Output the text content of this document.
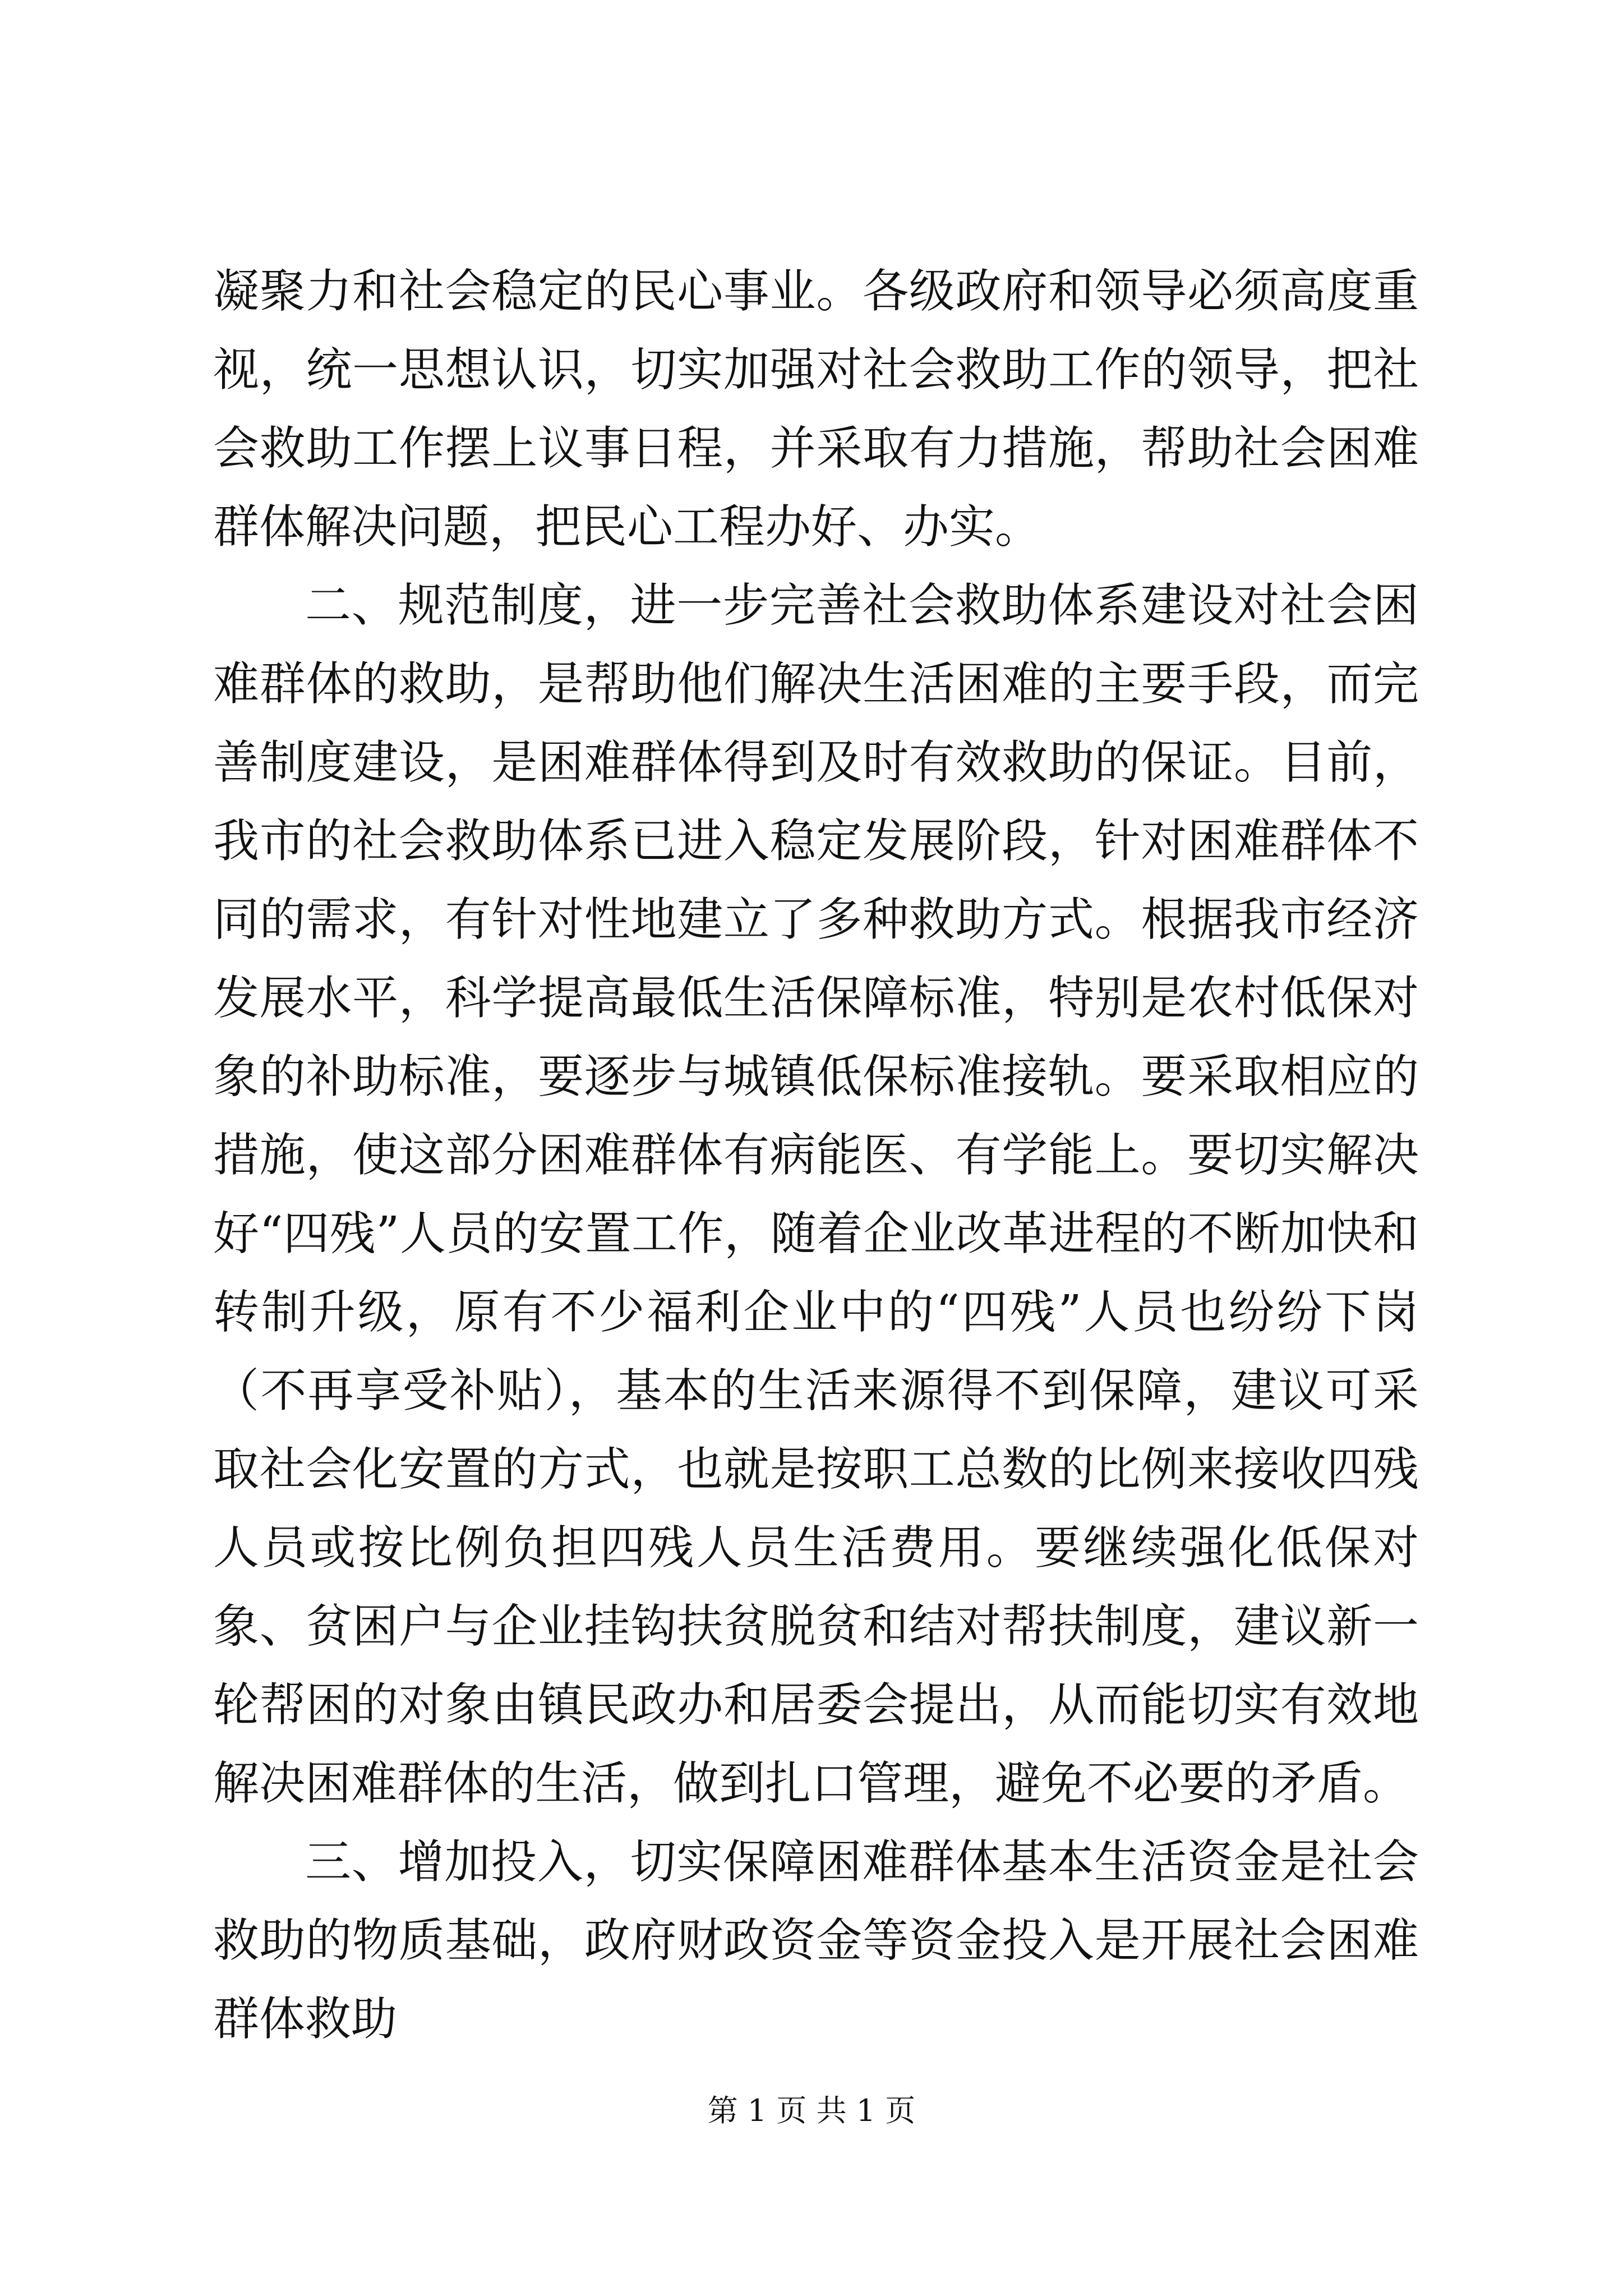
凝聚力和社会稳定的民心事业。各级政府和领导必须高度重视，统一思想认识，切实加强对社会救助工作的领导，把社会救助工作摆上议事日程，并采取有力措施，帮助社会困难群体解决问题，把民心工程办好、办实。

二、规范制度，进一步完善社会救助体系建设对社会困难群体的救助，是帮助他们解决生活困难的主要手段，而完善制度建设，是困难群体得到及时有效救助的保证。目前，我市的社会救助体系已进入稳定发展阶段，针对困难群体不同的需求，有针对性地建立了多种救助方式。根据我市经济发展水平，科学提高最低生活保障标准，特别是农村低保对象的补助标准，要逐步与城镇低保标准接轨。要采取相应的措施，使这部分困难群体有病能医、有学能上。要切实解决好“四残”人员的安置工作，随着企业改革进程的不断加快和转制升级，原有不少福利企业中的“四残”人员也纷纷下岗（不再享受补贴），基本的生活来源得不到保障，建议可采取社会化安置的方式，也就是按职工总数的比例来接收四残人员或按比例负担四残人员生活费用。要继续强化低保对象、贫困户与企业挂钩扶贫脱贫和结对帮扶制度，建议新一轮帮困的对象由镇民政办和居委会提出，从而能切实有效地解决困难群体的生活，做到扎口管理，避免不必要的矛盾。

三、增加投入，切实保障困难群体基本生活资金是社会救助的物质基础，政府财政资金等资金投入是开展社会困难群体救助

第 1 页 共 1 页
